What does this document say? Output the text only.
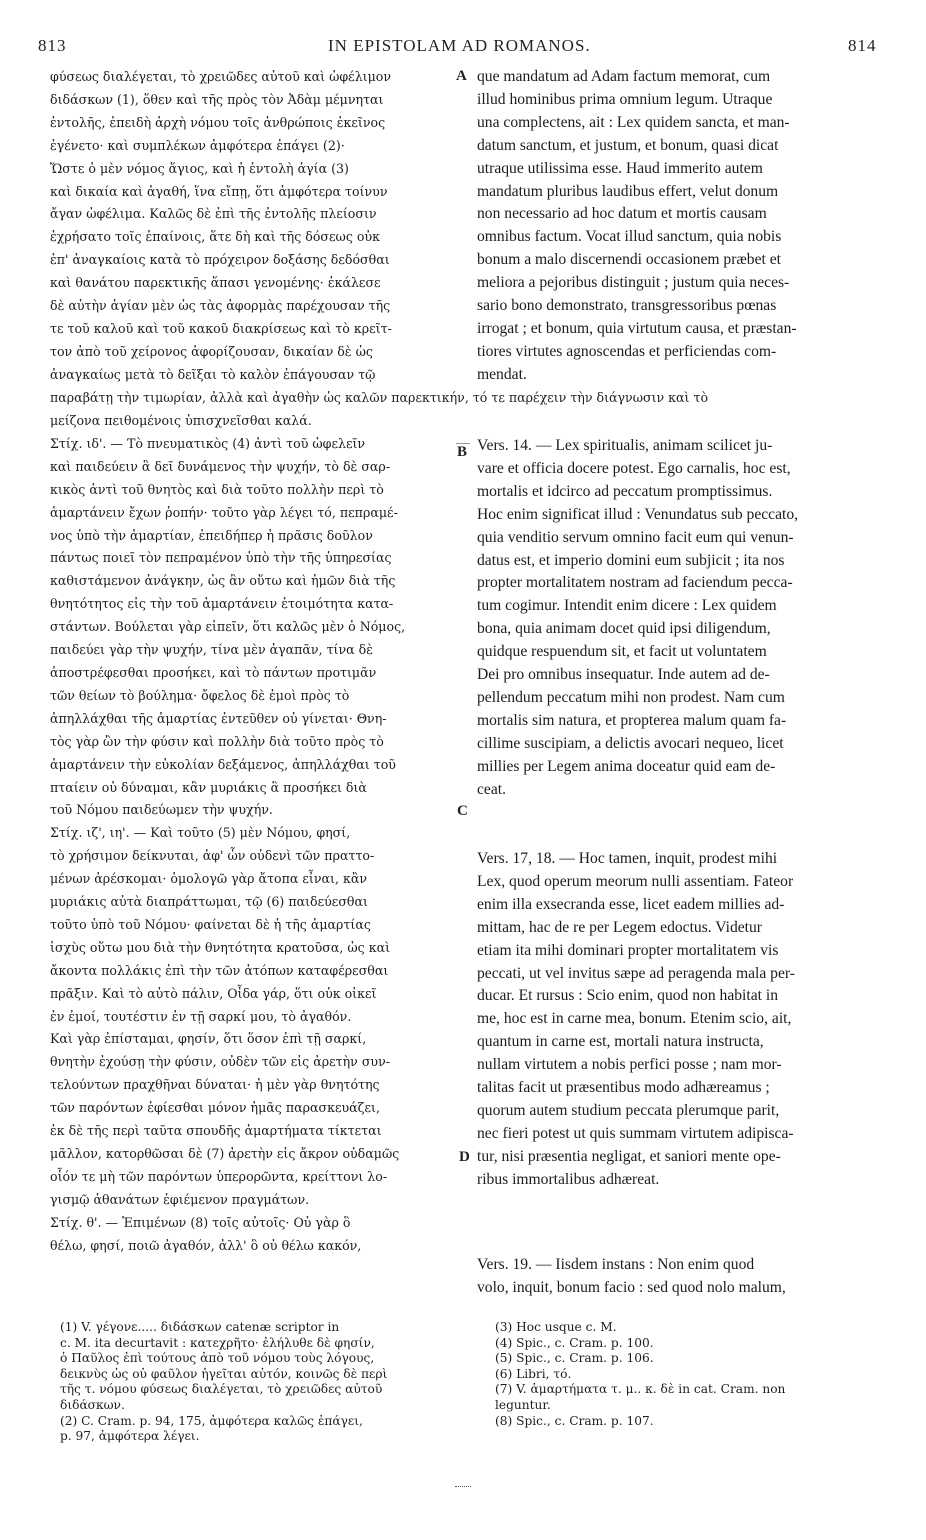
813	IN EPISTOLAM AD ROMANOS.	814
φύσεως διαλέγεται, τὸ χρειῶδες αὐτοῦ καὶ ὠφέλιμον
διδάσκων (1), ὅθεν καὶ τῆς πρὸς τὸν Ἀδὰμ μέμνηται
ἐντολῆς, ἐπειδὴ ἀρχὴ νόμου τοῖς ἀνθρώποις ἐκεῖνος
ἐγένετο· καὶ συμπλέκων ἀμφότερα ἐπάγει (2)·
Ὥστε ὁ μὲν νόμος ἅγιος, καὶ ἡ ἐντολὴ ἁγία (3)
καὶ δικαία καὶ ἀγαθή, ἵνα εἴπῃ, ὅτι ἀμφότερα τοίνυν
ἄγαν ὠφέλιμα. Καλῶς δὲ ἐπὶ τῆς ἐντολῆς πλείοσιν
ἐχρήσατο τοῖς ἐπαίνοις, ἅτε δὴ καὶ τῆς δόσεως οὐκ
ἐπ' ἀναγκαίοις κατὰ τὸ πρόχειρον δοξάσης δεδόσθαι
καὶ θανάτου παρεκτικῆς ἅπασι γενομένης· ἐκάλεσε
δὲ αὐτὴν ἁγίαν μὲν ὡς τὰς ἀφορμὰς παρέχουσαν τῆς
τε τοῦ καλοῦ καὶ τοῦ κακοῦ διακρίσεως καὶ τὸ κρεῖτ-
τον ἀπὸ τοῦ χείρονος ἀφορίζουσαν, δικαίαν δὲ ὡς
ἀναγκαίως μετὰ τὸ δεῖξαι τὸ καλὸν ἐπάγουσαν τῷ
que mandatum ad Adam factum memorat, cum
illud hominibus prima omnium legum. Utraque
una complectens, ait : Lex quidem sancta, et man-
datum sanctum, et justum, et bonum, quasi dicat
utraque utilissima esse. Haud immerito autem
mandatum pluribus laudibus effert, velut donum
non necessario ad hoc datum et mortis causam
omnibus factum. Vocat illud sanctum, quia nobis
bonum a malo discernendi occasionem præbet et
meliora a pejoribus distinguit ; justum quia neces-
sario bono demonstrato, transgressoribus pœnas
irrogat ; et bonum, quia virtutum causa, et præstan-
tiores virtutes agnoscendas et perficiendas com-
mendat.
A
παραβάτῃ τὴν τιμωρίαν, ἀλλὰ καὶ ἀγαθὴν ὡς καλῶν παρεκτικήν, τό τε παρέχειν τὴν διάγνωσιν καὶ τὸ
μείζονα πειθομένοις ὑπισχνεῖσθαι καλά.
Στίχ. ιδ'. — Τὸ πνευματικὸς (4) ἀντὶ τοῦ ὠφελεῖν
καὶ παιδεύειν ἃ δεῖ δυνάμενος τὴν ψυχήν, τὸ δὲ σαρ-
κικὸς ἀντὶ τοῦ θνητὸς καὶ διὰ τοῦτο πολλὴν περὶ τὸ
ἁμαρτάνειν ἔχων ῥοπήν· τοῦτο γὰρ λέγει τό, πεπραμέ-
νος ὑπὸ τὴν ἁμαρτίαν, ἐπειδήπερ ἡ πρᾶσις δοῦλον
πάντως ποιεῖ τὸν πεπραμένον ὑπὸ τὴν τῆς ὑπηρεσίας
καθιστάμενον ἀνάγκην, ὡς ἂν οὕτω καὶ ἡμῶν διὰ τῆς
θνητότητος εἰς τὴν τοῦ ἁμαρτάνειν ἑτοιμότητα κατα-
στάντων. Βούλεται γὰρ εἰπεῖν, ὅτι καλῶς μὲν ὁ Νόμος,
παιδεύει γὰρ τὴν ψυχήν, τίνα μὲν ἀγαπᾶν, τίνα δὲ
ἀποστρέφεσθαι προσήκει, καὶ τὸ πάντων προτιμᾶν
τῶν θείων τὸ βούλημα· ὄφελος δὲ ἐμοὶ πρὸς τὸ
ἀπηλλάχθαι τῆς ἁμαρτίας ἐντεῦθεν οὐ γίνεται· Θνη-
τὸς γὰρ ὢν τὴν φύσιν καὶ πολλὴν διὰ τοῦτο πρὸς τὸ
ἁμαρτάνειν τὴν εὐκολίαν δεξάμενος, ἀπηλλάχθαι τοῦ
πταίειν οὐ δύναμαι, κἂν μυριάκις ἃ προσήκει διὰ
τοῦ Νόμου παιδεύωμεν τὴν ψυχήν.
Στίχ. ιζ', ιη'. — Καὶ τοῦτο (5) μὲν Νόμου, φησί,
τὸ χρήσιμον δείκνυται, ἀφ' ὧν οὐδενὶ τῶν πραττο-
μένων ἀρέσκομαι· ὁμολογῶ γὰρ ἄτοπα εἶναι, κἂν
μυριάκις αὐτὰ διαπράττωμαι, τῷ (6) παιδεύεσθαι
τοῦτο ὑπὸ τοῦ Νόμου· φαίνεται δὲ ἡ τῆς ἁμαρτίας
ἰσχὺς οὕτω μου διὰ τὴν θνητότητα κρατοῦσα, ὡς καὶ
ἄκοντα πολλάκις ἐπὶ τὴν τῶν ἀτόπων καταφέρεσθαι
πρᾶξιν. Καὶ τὸ αὐτὸ πάλιν, Οἶδα γάρ, ὅτι οὐκ οἰκεῖ
ἐν ἐμοί, τουτέστιν ἐν τῇ σαρκί μου, τὸ ἀγαθόν.
Καὶ γὰρ ἐπίσταμαι, φησίν, ὅτι ὅσον ἐπὶ τῇ σαρκί,
θνητὴν ἐχούσῃ τὴν φύσιν, οὐδὲν τῶν εἰς ἀρετὴν συν-
τελούντων πραχθῆναι δύναται· ἡ μὲν γὰρ θνητότης
τῶν παρόντων ἐφίεσθαι μόνον ἡμᾶς παρασκευάζει,
ἐκ δὲ τῆς περὶ ταῦτα σπουδῆς ἁμαρτήματα τίκτεται
μᾶλλον, κατορθῶσαι δὲ (7) ἀρετὴν εἰς ἄκρον οὐδαμῶς
οἷόν τε μὴ τῶν παρόντων ὑπερορῶντα, κρείττονι λο-
γισμῷ ἀθανάτων ἐφιέμενον πραγμάτων.
Στίχ. θ'. — Ἐπιμένων (8) τοῖς αὐτοῖς· Οὐ γὰρ ὃ
θέλω, φησί, ποιῶ ἀγαθόν, ἀλλ' ὃ οὐ θέλω κακόν,
B
C
D
Vers. 14. — Lex spiritualis, animam scilicet ju-
vare et officia docere potest. Ego carnalis, hoc est,
mortalis et idcirco ad peccatum promptissimus.
Hoc enim significat illud : Venundatus sub peccato,
quia venditio servum omnino facit eum qui venun-
datus est, et imperio domini eum subjicit ; ita nos
propter mortalitatem nostram ad faciendum pecca-
tum cogimur. Intendit enim dicere : Lex quidem
bona, quia animam docet quid ipsi diligendum,
quidque respuendum sit, et facit ut voluntatem
Dei pro omnibus insequatur. Inde autem ad de-
pellendum peccatum mihi non prodest. Nam cum
mortalis sim natura, et propterea malum quam fa-
cillime suscipiam, a delictis avocari nequeo, licet
millies per Legem anima doceatur quid eam de-
ceat.
Vers. 17, 18. — Hoc tamen, inquit, prodest mihi
Lex, quod operum meorum nulli assentiam. Fateor
enim illa exsecranda esse, licet eadem millies ad-
mittam, hac de re per Legem edoctus. Videtur
etiam ita mihi dominari propter mortalitatem vis
peccati, ut vel invitus sæpe ad peragenda mala per-
ducar. Et rursus : Scio enim, quod non habitat in
me, hoc est in carne mea, bonum. Etenim scio, ait,
quantum in carne est, mortali natura instructa,
nullam virtutem a nobis perfici posse ; nam mor-
talitas facit ut præsentibus modo adhæreamus ;
quorum autem studium peccata plerumque parit,
nec fieri potest ut quis summam virtutem adipisca-
tur, nisi præsentia negligat, et saniori mente ope-
ribus immortalibus adhæreat.
Vers. 19. — Iisdem instans : Non enim quod
volo, inquit, bonum facio : sed quod nolo malum,
(1) V. γέγονε..... διδάσκων catenæ scriptor in
c. M. ita decurtavit : κατεχρῆτο· ἐλήλυθε δὲ φησίν,
ὁ Παῦλος ἐπὶ τούτους ἀπὸ τοῦ νόμου τοὺς λόγους,
δεικνὺς ὡς οὐ φαῦλον ἡγεῖται αὐτόν, κοινῶς δὲ περὶ
τῆς τ. νόμου φύσεως διαλέγεται, τὸ χρειῶδες αὐτοῦ
διδάσκων.
(2) C. Cram. p. 94, 175, ἀμφότερα καλῶς ἐπάγει,
p. 97, ἀμφότερα λέγει.
(3) Hoc usque c. M.
(4) Spic., c. Cram. p. 100.
(5) Spic., c. Cram. p. 106.
(6) Libri, τό.
(7) V. ἁμαρτήματα τ. μ.. κ. δὲ in cat. Cram. non
leguntur.
(8) Spic., c. Cram. p. 107.
